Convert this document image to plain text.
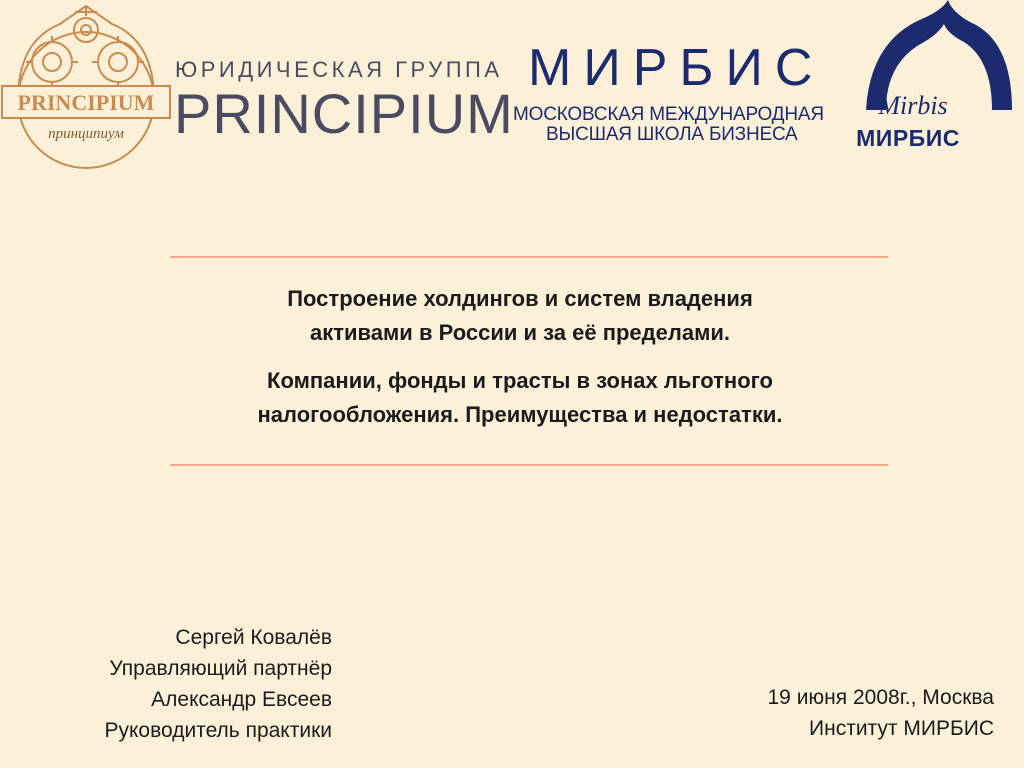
PRINCIPIUM
принципиум
ЮРИДИЧЕСКАЯ ГРУППА
PRINCIPIUM
МИРБИС
МОСКОВСКАЯ МЕЖДУНАРОДНАЯ
ВЫСШАЯ ШКОЛА БИЗНЕСА
Mirbis
МИРБИС
Построение холдингов и систем владения
активами в России и за её пределами.
Компании, фонды и трасты в зонах льготного
налогообложения. Преимущества и недостатки.
Сергей Ковалёв
Управляющий партнёр
Александр Евсеев
Руководитель практики
19 июня 2008г., Москва
Институт МИРБИС
